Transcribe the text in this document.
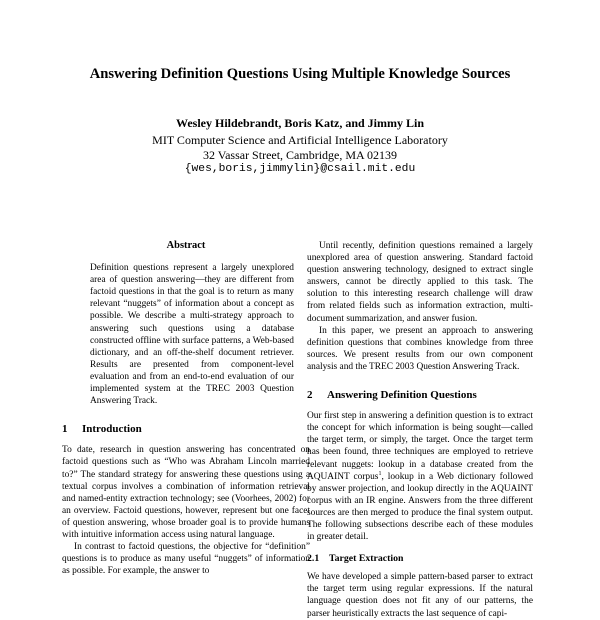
Answering Definition Questions Using Multiple Knowledge Sources
Wesley Hildebrandt, Boris Katz, and Jimmy Lin
MIT Computer Science and Artificial Intelligence Laboratory
32 Vassar Street, Cambridge, MA 02139
{wes,boris,jimmylin}@csail.mit.edu
Abstract
Definition questions represent a largely unexplored area of question answering—they are different from factoid questions in that the goal is to return as many relevant “nuggets” of information about a concept as possible. We describe a multi-strategy approach to answering such questions using a database constructed offline with surface patterns, a Web-based dictionary, and an off-the-shelf document retriever. Results are presented from component-level evaluation and from an end-to-end evaluation of our implemented system at the TREC 2003 Question Answering Track.
1 Introduction

To date, research in question answering has concentrated on factoid questions such as “Who was Abraham Lincoln married to?” The standard strategy for answering these questions using a textual corpus involves a combination of information retrieval and named-entity extraction technology; see (Voorhees, 2002) for an overview. Factoid questions, however, represent but one facet of question answering, whose broader goal is to provide humans with intuitive information access using natural language.

In contrast to factoid questions, the objective for “definition” questions is to produce as many useful “nuggets” of information as possible. For example, the answer to

Until recently, definition questions remained a largely unexplored area of question answering. Standard factoid question answering technology, designed to extract single answers, cannot be directly applied to this task. The solution to this interesting research challenge will draw from related fields such as information extraction, multi-document summarization, and answer fusion.

In this paper, we present an approach to answering definition questions that combines knowledge from three sources. We present results from our own component analysis and the TREC 2003 Question Answering Track.

2 Answering Definition Questions

Our first step in answering a definition question is to extract the concept for which information is being sought—called the target term, or simply, the target. Once the target term has been found, three techniques are employed to retrieve relevant nuggets: lookup in a database created from the AQUAINT corpus$^1$, lookup in a Web dictionary followed by answer projection, and lookup directly in the AQUAINT corpus with an IR engine. Answers from the three different sources are then merged to produce the final system output. The following subsections describe each of these modules in greater detail.

2.1 Target Extraction

We have developed a simple pattern-based parser to extract the target term using regular expressions. If the natural language question does not fit any of our patterns, the parser heuristically extracts the last sequence of capi-
